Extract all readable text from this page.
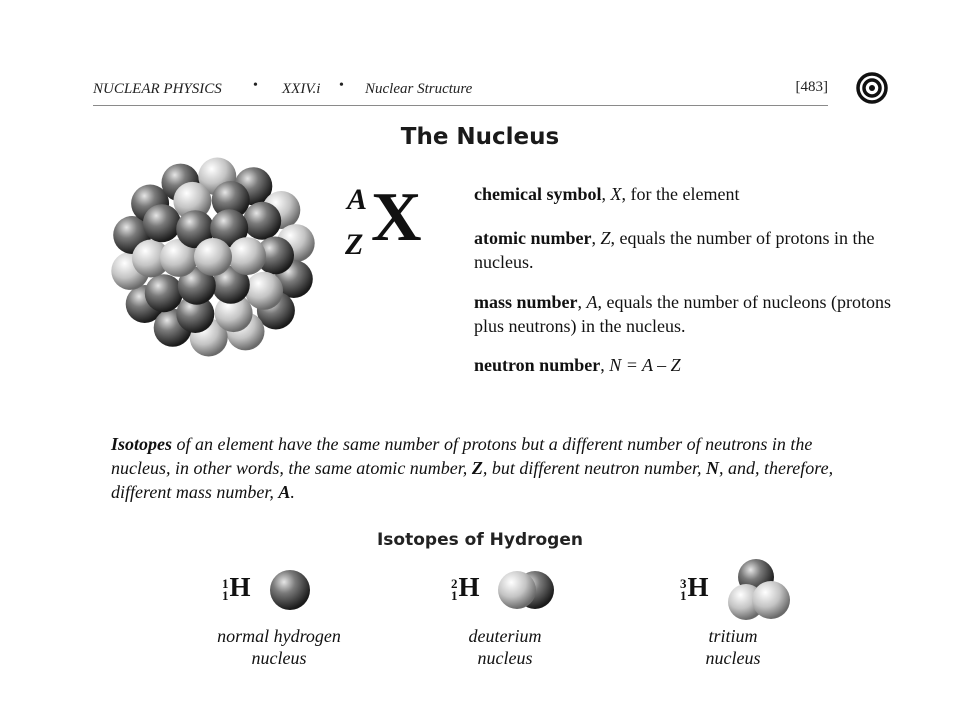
NUCLEAR PHYSICS • XXIV.i • Nuclear Structure	[483]
The Nucleus
A
Z X	chemical symbol, X, for the element
atomic number, Z, equals the number of protons in the nucleus.
mass number, A, equals the number of nucleons (protons plus neutrons) in the nucleus.
neutron number, N = A – Z
Isotopes of an element have the same number of protons but a different number of neutrons in the nucleus, in other words, the same atomic number, Z, but different neutron number, N, and, therefore, different mass number, A.
Isotopes of Hydrogen
1
1H
normal hydrogen
nucleus
2
1H
deuterium
nucleus
3
1H
tritium
nucleus
